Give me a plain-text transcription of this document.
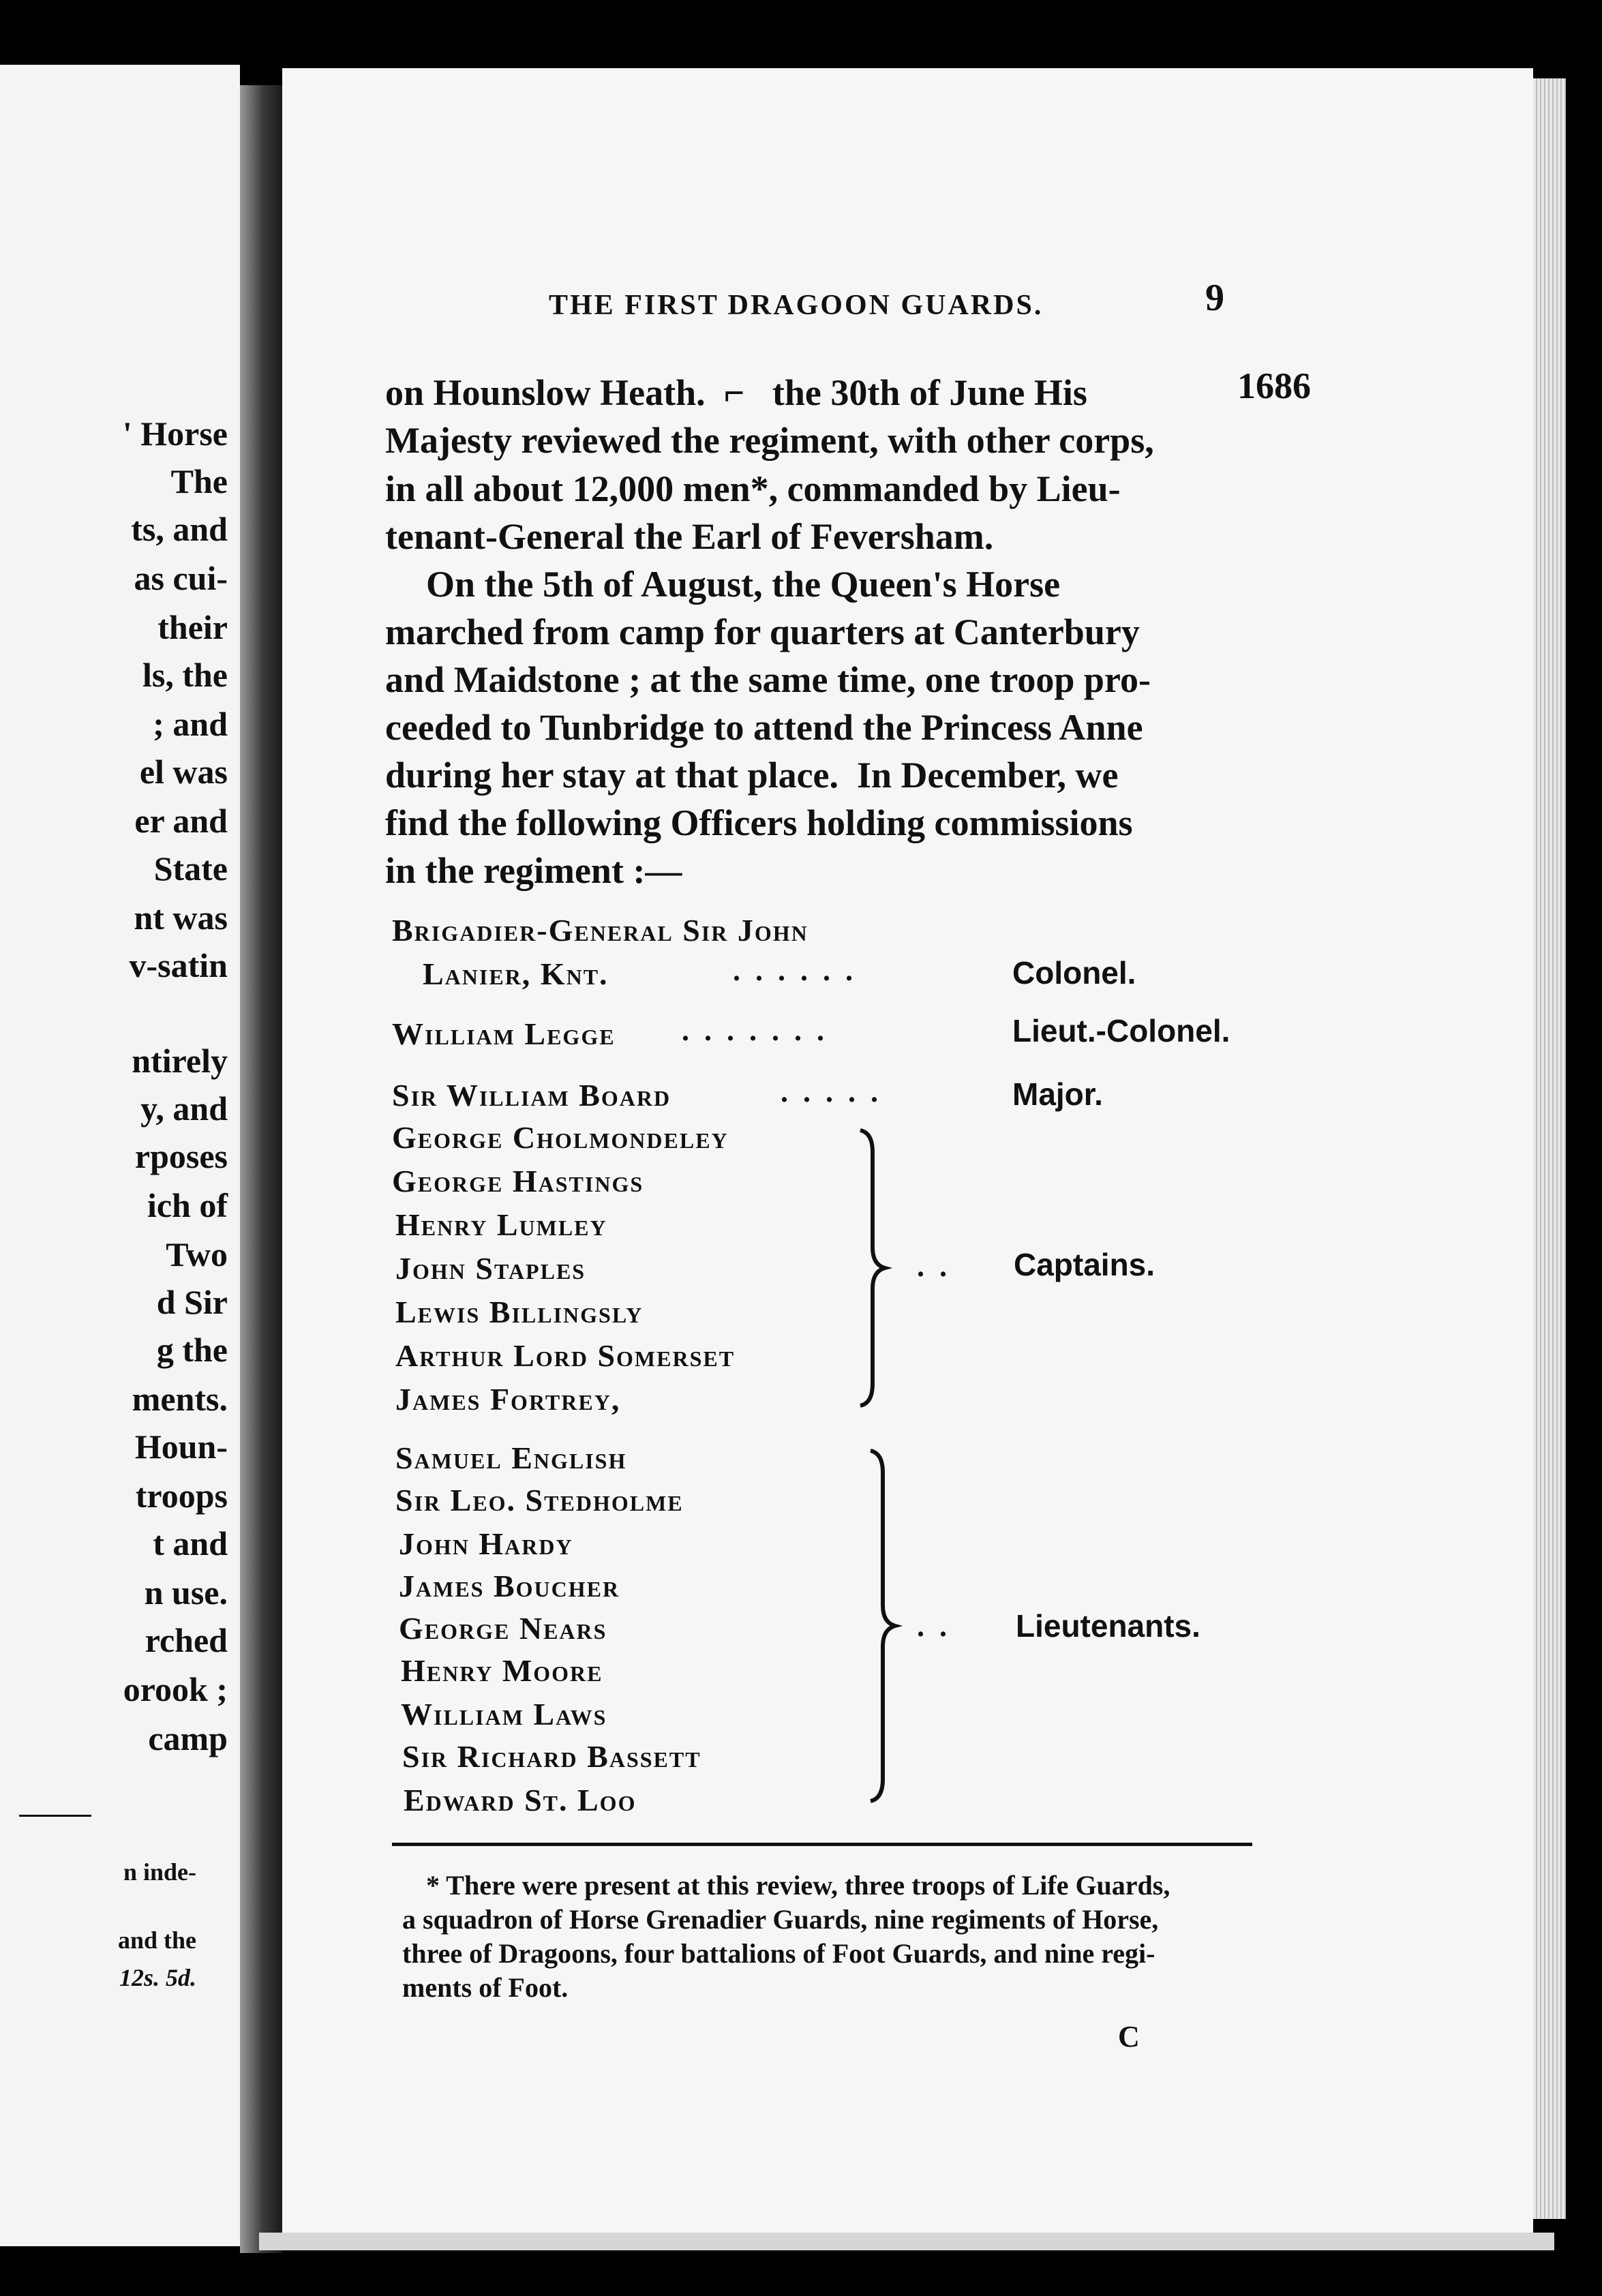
' Horse
The
ts, and
as cui-
their
ls, the
; and
el was
er and
State
nt was
v-satin
ntirely
y, and
rposes
ich of
Two
d Sir
g the
ments.
Houn-
troops
t and
n use.
rched
orook ;
camp
n inde-
and the
12s. 5d.
THE FIRST DRAGOON GUARDS.	9
1686
on Hounslow Heath.  ⌐   the 30th of June His
Majesty reviewed the regiment, with other corps,
in all about 12,000 men*, commanded by Lieu-
tenant-General the Earl of Feversham.
On the 5th of August, the Queen's Horse
marched from camp for quarters at Canterbury
and Maidstone ; at the same time, one troop pro-
ceeded to Tunbridge to attend the Princess Anne
during her stay at that place.  In December, we
find the following Officers holding commissions
in the regiment :—
Brigadier-General Sir John
Lanier, Knt.	......	Colonel.
William Legge .......	Lieut.-Colonel.
Sir William Board	.....	Major.
George Cholmondeley
George Hastings
Henry Lumley
John Staples
Lewis Billingsly
Arthur Lord Somerset
James Fortrey,
.. Captains.
Samuel English
Sir Leo. Stedholme
John Hardy
James Boucher
George Nears
Henry Moore
William Laws
Sir Richard Bassett
Edward St. Loo
.. Lieutenants.
* There were present at this review, three troops of Life Guards,
a squadron of Horse Grenadier Guards, nine regiments of Horse,
three of Dragoons, four battalions of Foot Guards, and nine regi-
ments of Foot.
C
